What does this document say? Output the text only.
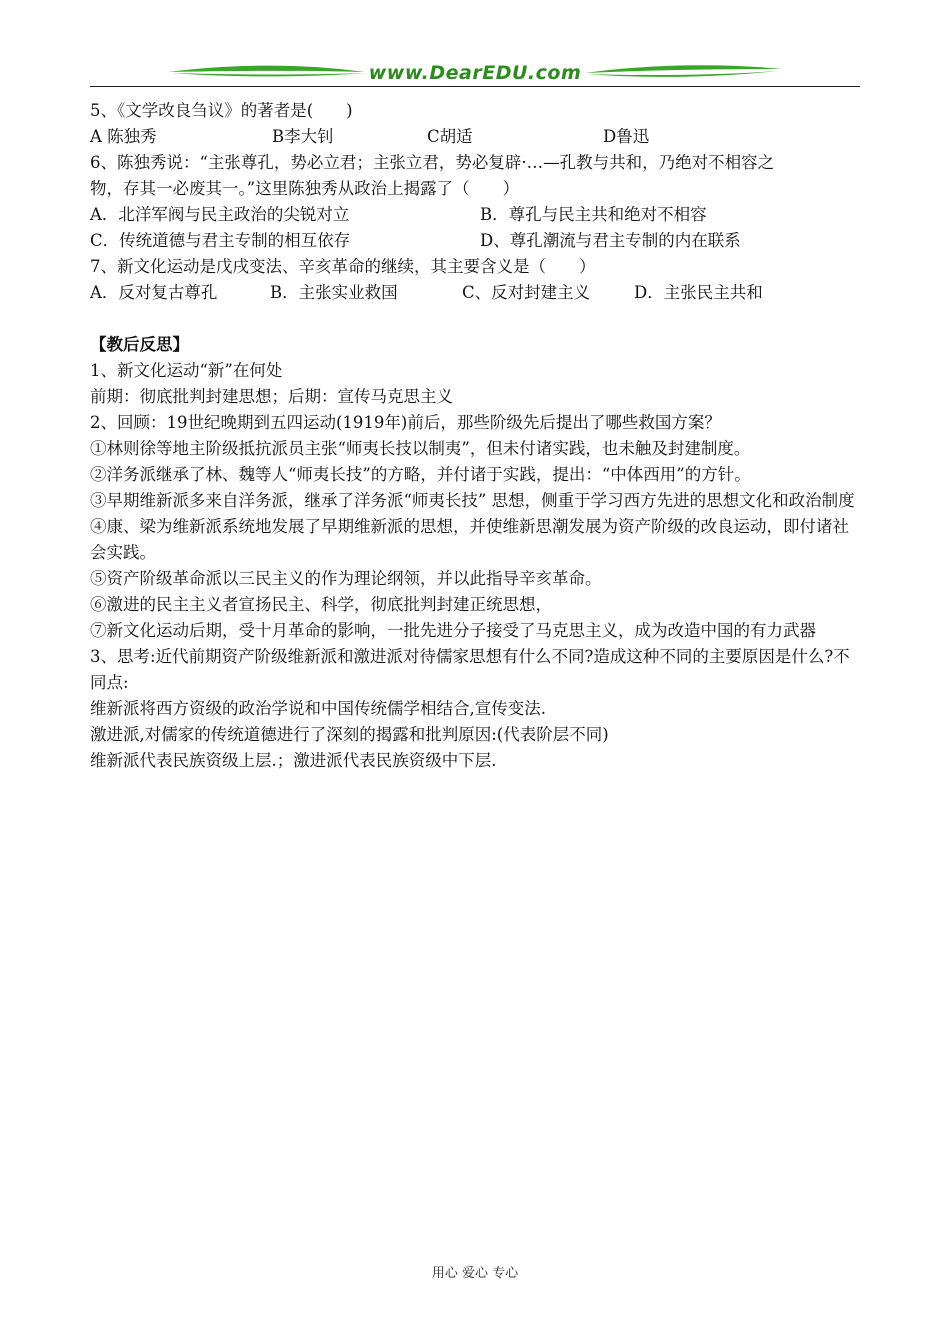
www.DearEDU.com
5、《文学改良刍议》的著者是(　　)
A 陈独秀	B李大钊	C胡适	D鲁迅
6、陈独秀说：“主张尊孔，势必立君；主张立君，势必复辟·…—孔教与共和，乃绝对不相容之
物，存其一必废其一。”这里陈独秀从政治上揭露了（　　）
A．北洋军阀与民主政治的尖锐对立	B．尊孔与民主共和绝对不相容
C．传统道德与君主专制的相互依存	D、尊孔潮流与君主专制的内在联系
7、新文化运动是戊戌变法、辛亥革命的继续，其主要含义是（　　）
A．反对复古尊孔	B．主张实业救国	C、反对封建主义	D．主张民主共和
【教后反思】
1、新文化运动“新”在何处
前期：彻底批判封建思想；后期：宣传马克思主义
2、回顾：19世纪晚期到五四运动(1919年)前后，那些阶级先后提出了哪些救国方案？
①林则徐等地主阶级抵抗派员主张“师夷长技以制夷”，但未付诸实践，也未触及封建制度。
②洋务派继承了林、魏等人“师夷长技”的方略，并付诸于实践，提出：“中体西用”的方针。
③早期维新派多来自洋务派，继承了洋务派“师夷长技” 思想，侧重于学习西方先进的思想文化和政治制度
④康、梁为维新派系统地发展了早期维新派的思想，并使维新思潮发展为资产阶级的改良运动，即付诸社会实践。
⑤资产阶级革命派以三民主义的作为理论纲领，并以此指导辛亥革命。
⑥激进的民主主义者宣扬民主、科学，彻底批判封建正统思想，
⑦新文化运动后期，受十月革命的影响，一批先进分子接受了马克思主义，成为改造中国的有力武器
3、思考:近代前期资产阶级维新派和激进派对待儒家思想有什么不同?造成这种不同的主要原因是什么?不同点:
维新派将西方资级的政治学说和中国传统儒学相结合,宣传变法.
激进派,对儒家的传统道德进行了深刻的揭露和批判原因:(代表阶层不同)
维新派代表民族资级上层.；激进派代表民族资级中下层.
用心 爱心 专心
